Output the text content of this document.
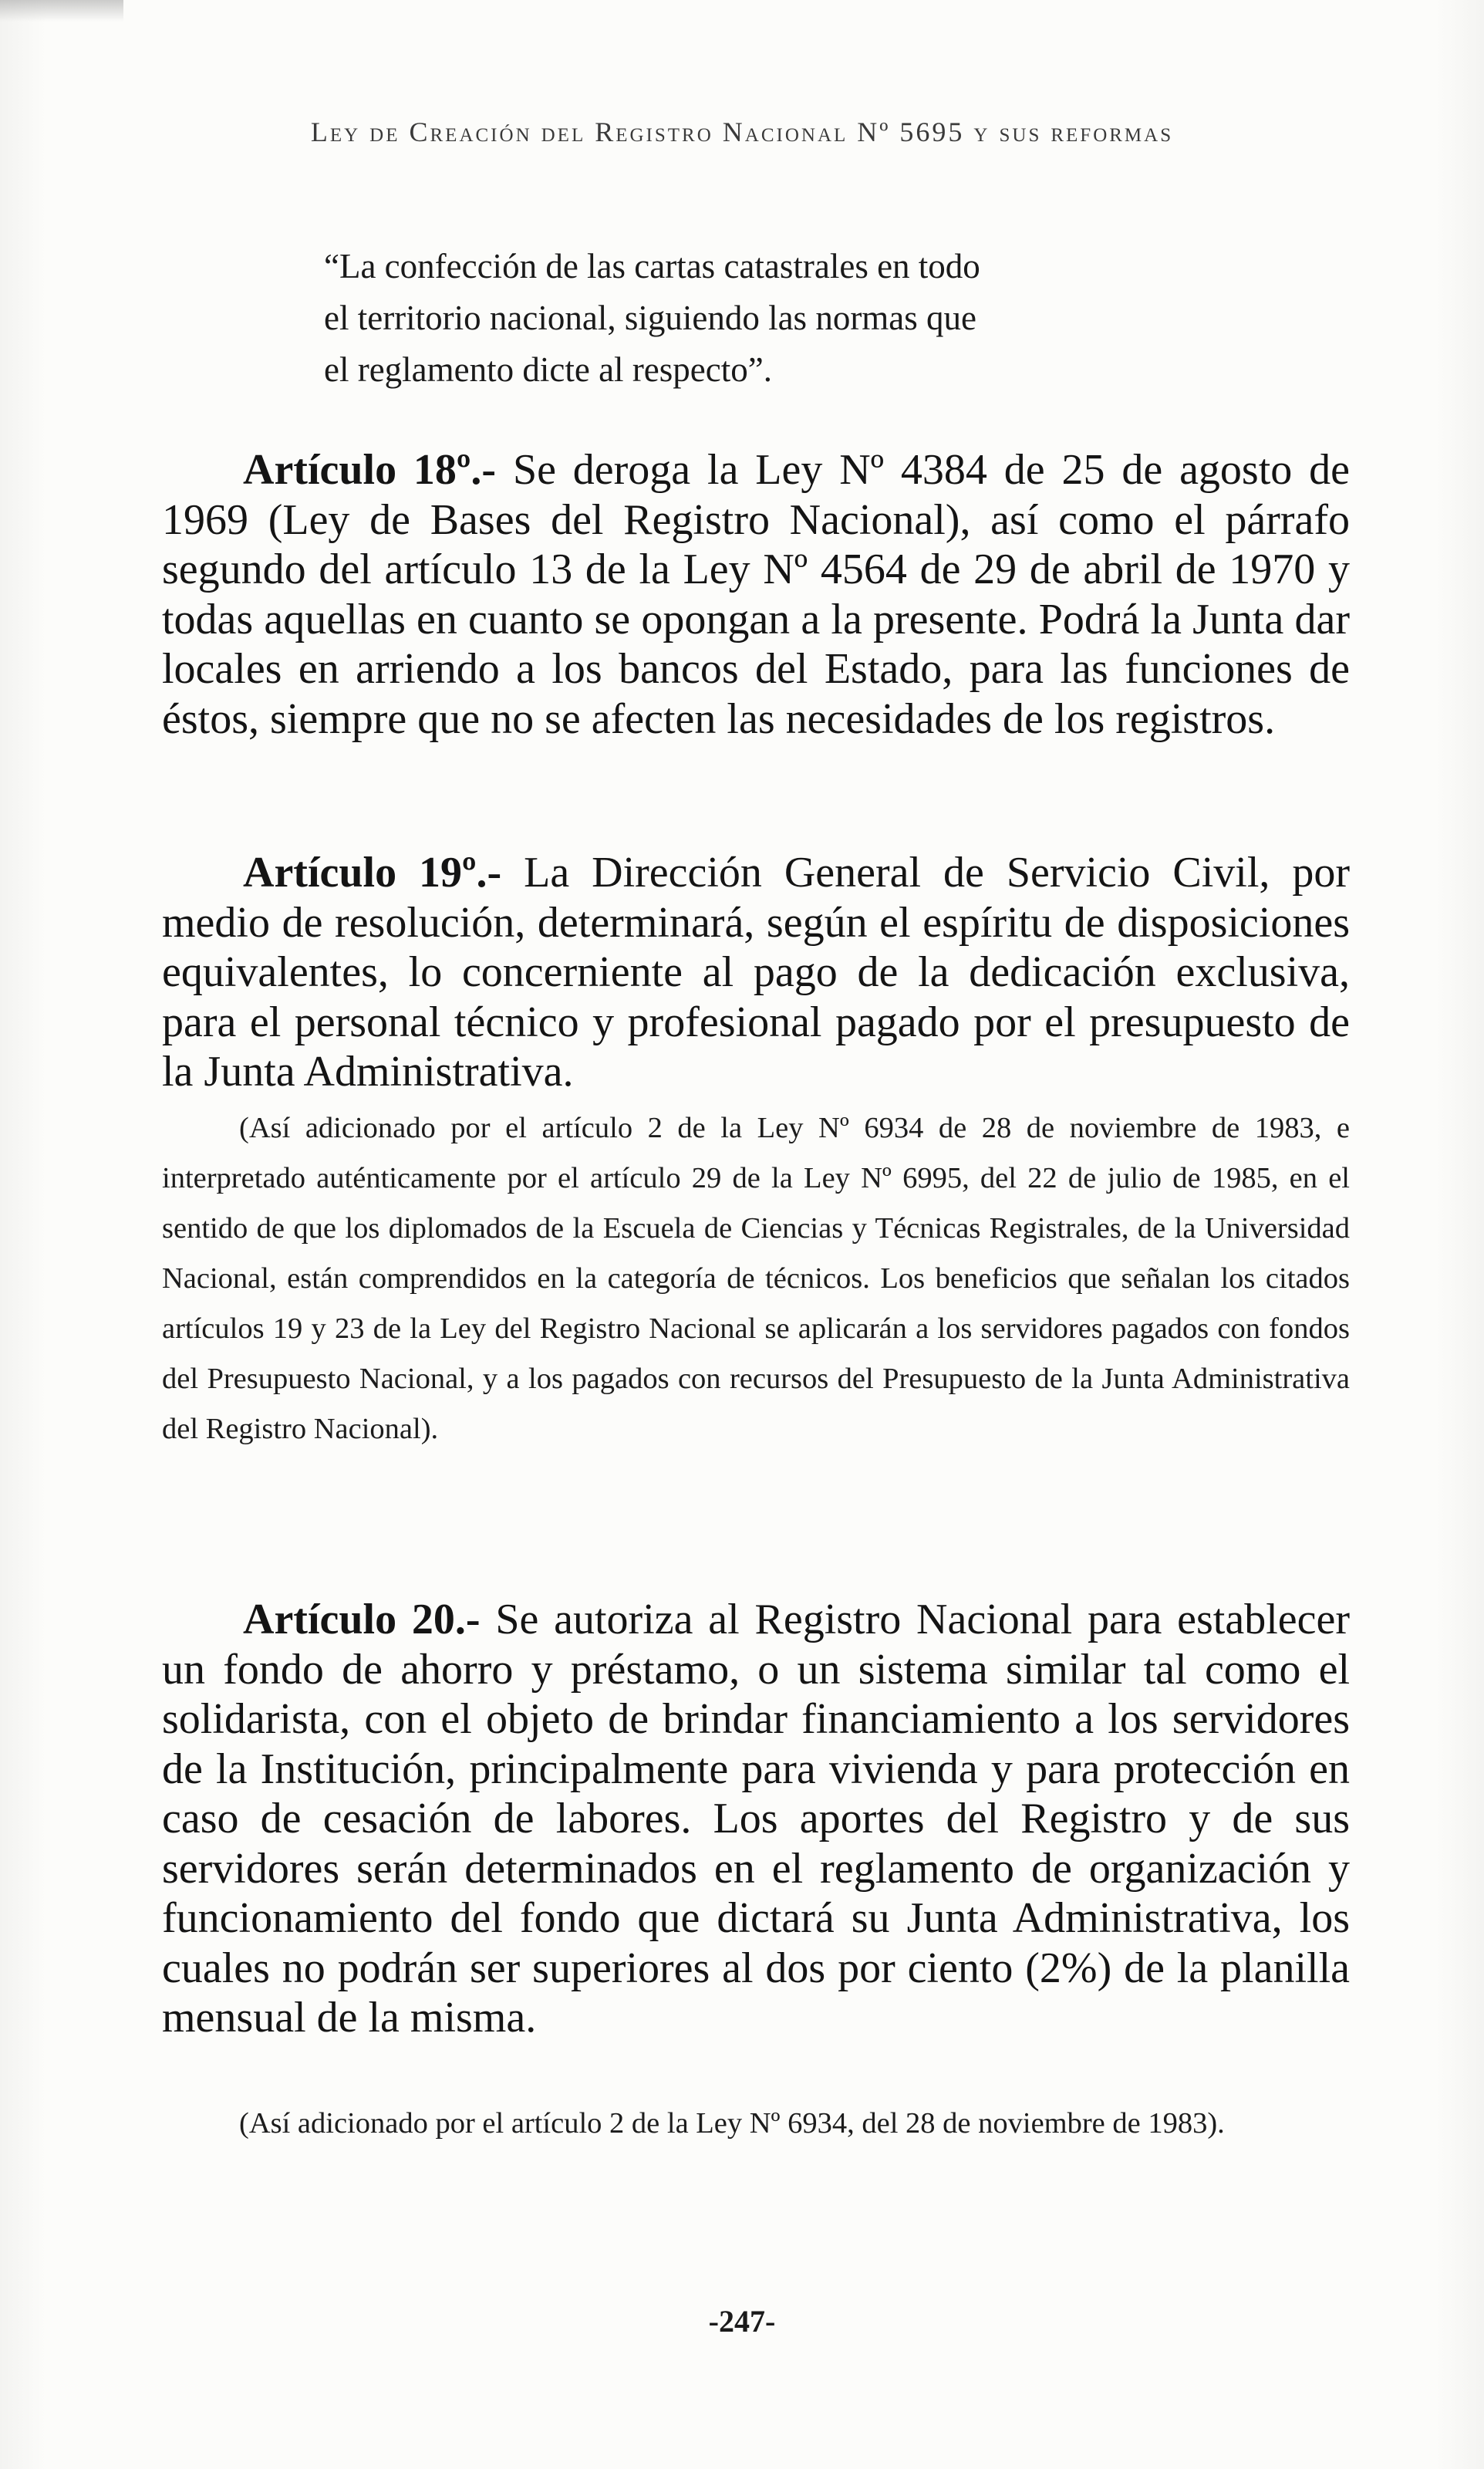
Ley de Creación del Registro Nacional Nº 5695 y sus reformas
“La confección de las cartas catastrales en todo
el territorio nacional, siguiendo las normas que
el reglamento dicte al respecto”.
Artículo 18º.- Se deroga la Ley Nº 4384 de 25 de agosto de 1969 (Ley de Bases del Registro Nacional), así como el párrafo segundo del artículo 13 de la Ley Nº 4564 de 29 de abril de 1970 y todas aquellas en cuanto se opongan a la presente. Podrá la Junta dar locales en arriendo a los bancos del Estado, para las funciones de éstos, siempre que no se afecten las necesidades de los registros.
Artículo 19º.- La Dirección General de Servicio Civil, por medio de resolución, determinará, según el espíritu de disposiciones equivalentes, lo concerniente al pago de la dedicación exclusiva, para el personal técnico y profesional pagado por el presupuesto de la Junta Administrativa.
(Así adicionado por el artículo 2 de la Ley Nº 6934 de 28 de noviembre de 1983, e interpretado auténticamente por el artículo 29 de la Ley Nº 6995, del 22 de julio de 1985, en el sentido de que los diplomados de la Escuela de Ciencias y Técnicas Registrales, de la Universidad Nacional, están comprendidos en la categoría de técnicos. Los beneficios que señalan los citados artículos 19 y 23 de la Ley del Registro Nacional se aplicarán a los servidores pagados con fondos del Presupuesto Nacional, y a los pagados con recursos del Presupuesto de la Junta Administrativa del Registro Nacional).
Artículo 20.- Se autoriza al Registro Nacional para establecer un fondo de ahorro y préstamo, o un sistema similar tal como el solidarista, con el objeto de brindar financiamiento a los servidores de la Institución, principalmente para vivienda y para protección en caso de cesación de labores. Los aportes del Registro y de sus servidores serán determinados en el reglamento de organización y funcionamiento del fondo que dictará su Junta Administrativa, los cuales no podrán ser superiores al dos por ciento (2%) de la planilla mensual de la misma.
(Así adicionado por el artículo 2 de la Ley Nº 6934, del 28 de noviembre de 1983).
-247-
